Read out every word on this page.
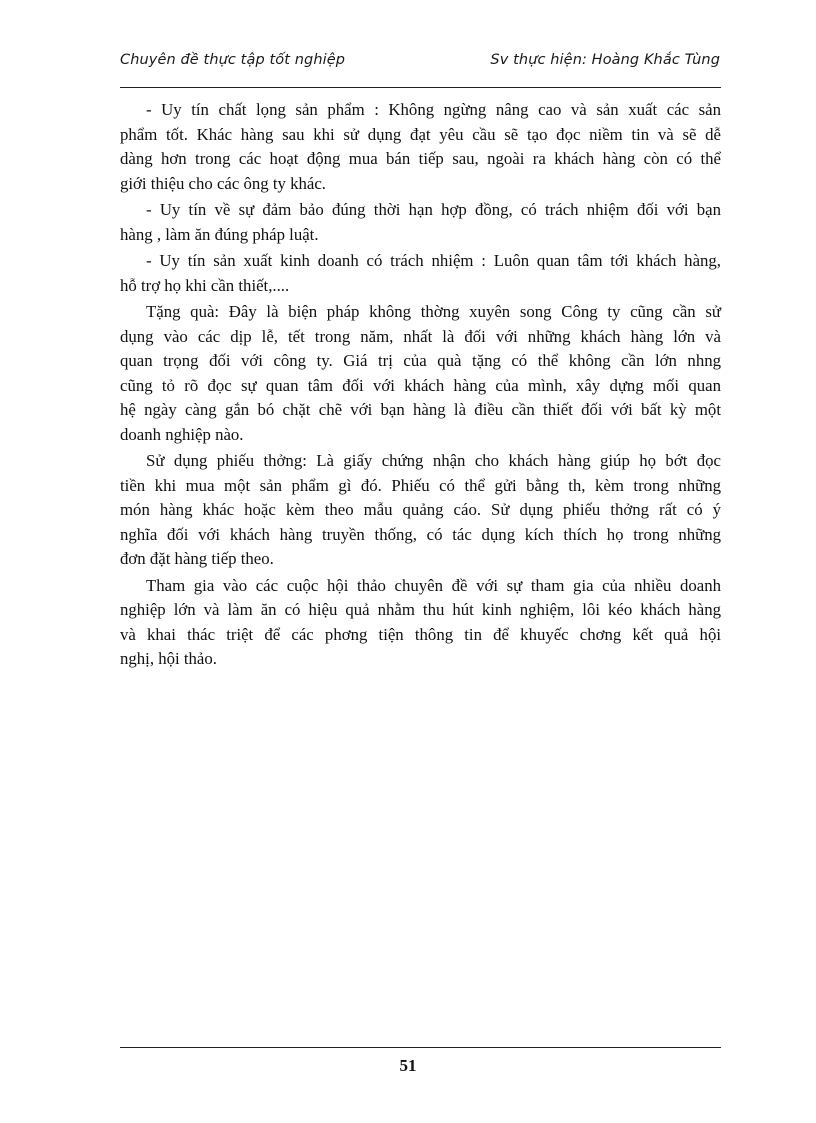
Chuyên đề thực tập tốt nghiệp	Sv thực hiện: Hoàng Khắc Tùng

- Uy tín chất lọng sản phẩm : Không ngừng nâng cao và sản xuất các sản
phẩm tốt. Khác hàng sau khi sử dụng đạt yêu cầu sẽ tạo đọc niềm tin và sẽ dễ
dàng hơn trong các hoạt động mua bán tiếp sau, ngoài ra khách hàng còn có thể
giới thiệu cho các ông ty khác.

- Uy tín về sự đảm bảo đúng thời hạn hợp đồng, có trách nhiệm đối với bạn
hàng , làm ăn đúng pháp luật.

- Uy tín sản xuất kinh doanh có trách nhiệm : Luôn quan tâm tới khách hàng,
hỗ trợ họ khi cần thiết,....

Tặng quà: Đây là biện pháp không thờng xuyên song Công ty cũng cần sử
dụng vào các dịp lễ, tết trong năm, nhất là đối với những khách hàng lớn và
quan trọng đối với công ty. Giá trị của quà tặng có thể không cần lớn nhng
cũng tỏ rõ đọc sự quan tâm đối với khách hàng của mình, xây dựng mối quan
hệ ngày càng gắn bó chặt chẽ với bạn hàng là điều cần thiết đối với bất kỳ một
doanh nghiệp nào.

Sử dụng phiếu thởng: Là giấy chứng nhận cho khách hàng giúp họ bớt đọc
tiền khi mua một sản phẩm gì đó. Phiếu có thể gửi bằng th, kèm trong những
món hàng khác hoặc kèm theo mẫu quảng cáo. Sử dụng phiếu thởng rất có ý
nghĩa đối với khách hàng truyền thống, có tác dụng kích thích họ trong những
đơn đặt hàng tiếp theo.

Tham gia vào các cuộc hội thảo chuyên đề với sự tham gia của nhiều doanh
nghiệp lớn và làm ăn có hiệu quả nhằm thu hút kinh nghiệm, lôi kéo khách hàng
và khai thác triệt để các phơng tiện thông tin để khuyếc chơng kết quả hội
nghị, hội thảo.

51
